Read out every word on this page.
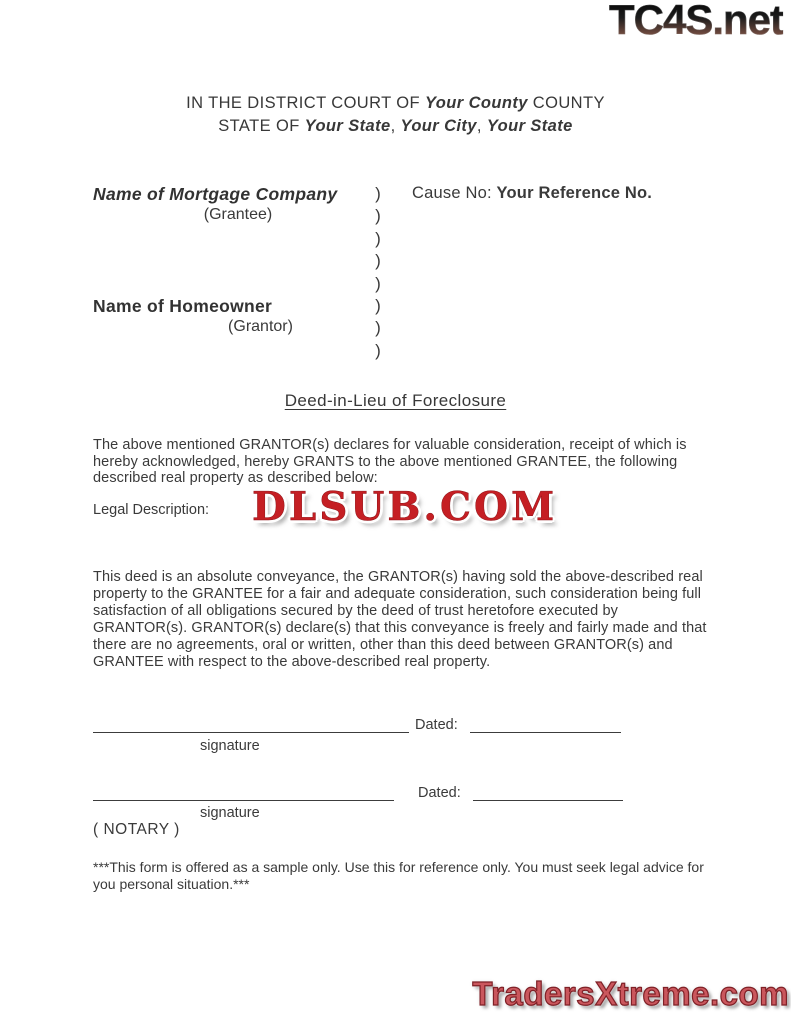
TC4S.net
IN THE DISTRICT COURT OF Your County COUNTY
STATE OF Your State, Your City, Your State
Name of Mortgage Company	)	Cause No: Your Reference No.
(Grantee)	)
)
)
)
Name of Homeowner	)
(Grantor)	)
)
Deed-in-Lieu of Foreclosure

The above mentioned GRANTOR(s) declares for valuable consideration, receipt of which is hereby acknowledged, hereby GRANTS to the above mentioned GRANTEE, the following described real property as described below:

Legal Description: DLSUB.COM

This deed is an absolute conveyance, the GRANTOR(s) having sold the above-described real property to the GRANTEE for a fair and adequate consideration, such consideration being full satisfaction of all obligations secured by the deed of trust heretofore executed by GRANTOR(s). GRANTOR(s) declare(s) that this conveyance is freely and fairly made and that there are no agreements, oral or written, other than this deed between GRANTOR(s) and GRANTEE with respect to the above-described real property.

Dated:
signature
Dated:
signature
( NOTARY )

***This form is offered as a sample only. Use this for reference only. You must seek legal advice for you personal situation.***

TradersXtreme.com
